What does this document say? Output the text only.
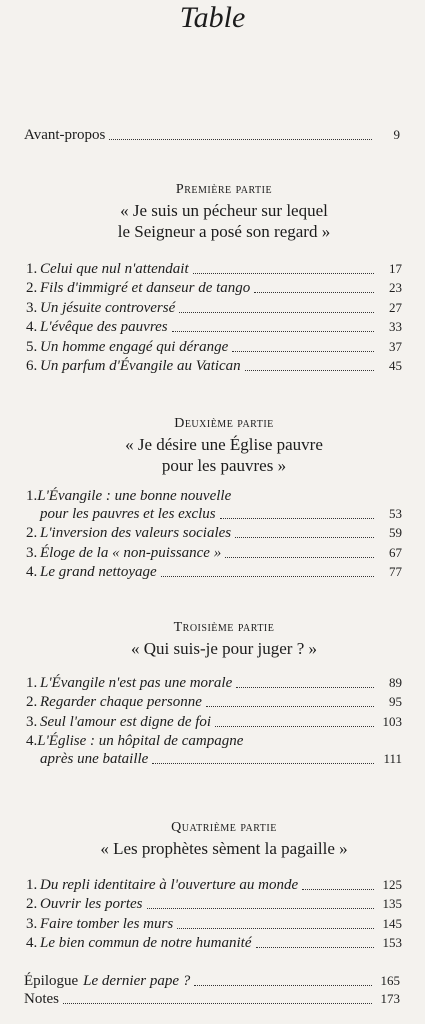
Table
Avant-propos	9
Première partie
« Je suis un pécheur sur lequel
le Seigneur a posé son regard »
1. Celui que nul n'attendait	17
2. Fils d'immigré et danseur de tango	23
3. Un jésuite controversé	27
4. L'évêque des pauvres	33
5. Un homme engagé qui dérange	37
6. Un parfum d'Évangile au Vatican	45
Deuxième partie
« Je désire une Église pauvre
pour les pauvres »
1. L'Évangile : une bonne nouvelle
pour les pauvres et les exclus	53
2. L'inversion des valeurs sociales	59
3. Éloge de la « non-puissance »	67
4. Le grand nettoyage	77
Troisième partie
« Qui suis-je pour juger ? »
1. L'Évangile n'est pas une morale	89
2. Regarder chaque personne	95
3. Seul l'amour est digne de foi	103
4. L'Église : un hôpital de campagne
après une bataille	111
Quatrième partie
« Les prophètes sèment la pagaille »
1. Du repli identitaire à l'ouverture au monde	125
2. Ouvrir les portes	135
3. Faire tomber les murs	145
4. Le bien commun de notre humanité	153
Épilogue Le dernier pape ?	165
Notes	173
